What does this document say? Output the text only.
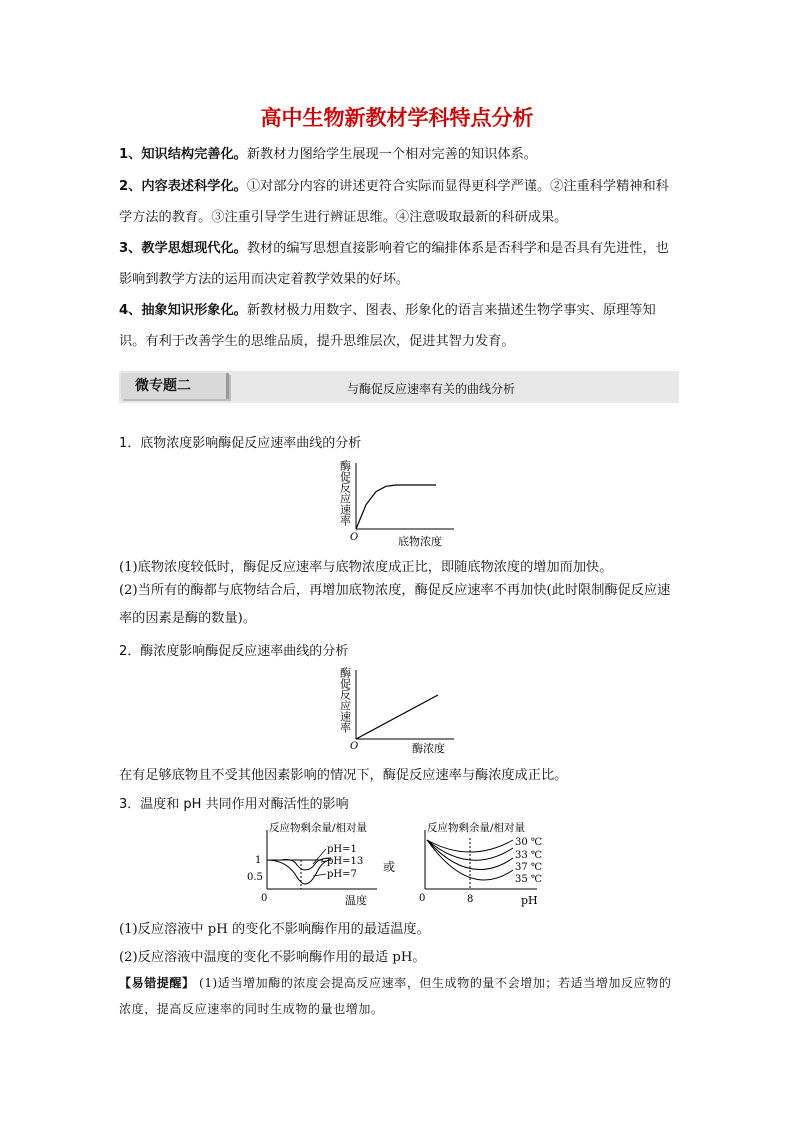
高中生物新教材学科特点分析
1、知识结构完善化。新教材力图给学生展现一个相对完善的知识体系。
2、内容表述科学化。①对部分内容的讲述更符合实际而显得更科学严谨。②注重科学精神和科学方法的教育。③注重引导学生进行辨证思维。④注意吸取最新的科研成果。
3、教学思想现代化。教材的编写思想直接影响着它的编排体系是否科学和是否具有先进性，也影响到教学方法的运用而决定着教学效果的好坏。
4、抽象知识形象化。新教材极力用数字、图表、形象化的语言来描述生物学事实、原理等知识。有利于改善学生的思维品质，提升思维层次，促进其智力发育。
微专题二	与酶促反应速率有关的曲线分析
1．底物浓度影响酶促反应速率曲线的分析
O	底物浓度
酶促反应速率
(1)底物浓度较低时，酶促反应速率与底物浓度成正比，即随底物浓度的增加而加快。
(2)当所有的酶都与底物结合后，再增加底物浓度，酶促反应速率不再加快(此时限制酶促反应速率的因素是酶的数量)。
2．酶浓度影响酶促反应速率曲线的分析
O	酶浓度
酶促反应速率
在有足够底物且不受其他因素影响的情况下，酶促反应速率与酶浓度成正比。
3．温度和 pH 共同作用对酶活性的影响
反应物剩余量/相对量
1
0.5
0	温度
pH=1
pH=13
pH=7
或
反应物剩余量/相对量
0	8	pH
30 ℃
33 ℃
37 ℃
35 ℃
(1)反应溶液中 pH 的变化不影响酶作用的最适温度。
(2)反应溶液中温度的变化不影响酶作用的最适 pH。
【易错提醒】 (1)适当增加酶的浓度会提高反应速率，但生成物的量不会增加；若适当增加反应物的浓度，提高反应速率的同时生成物的量也增加。
